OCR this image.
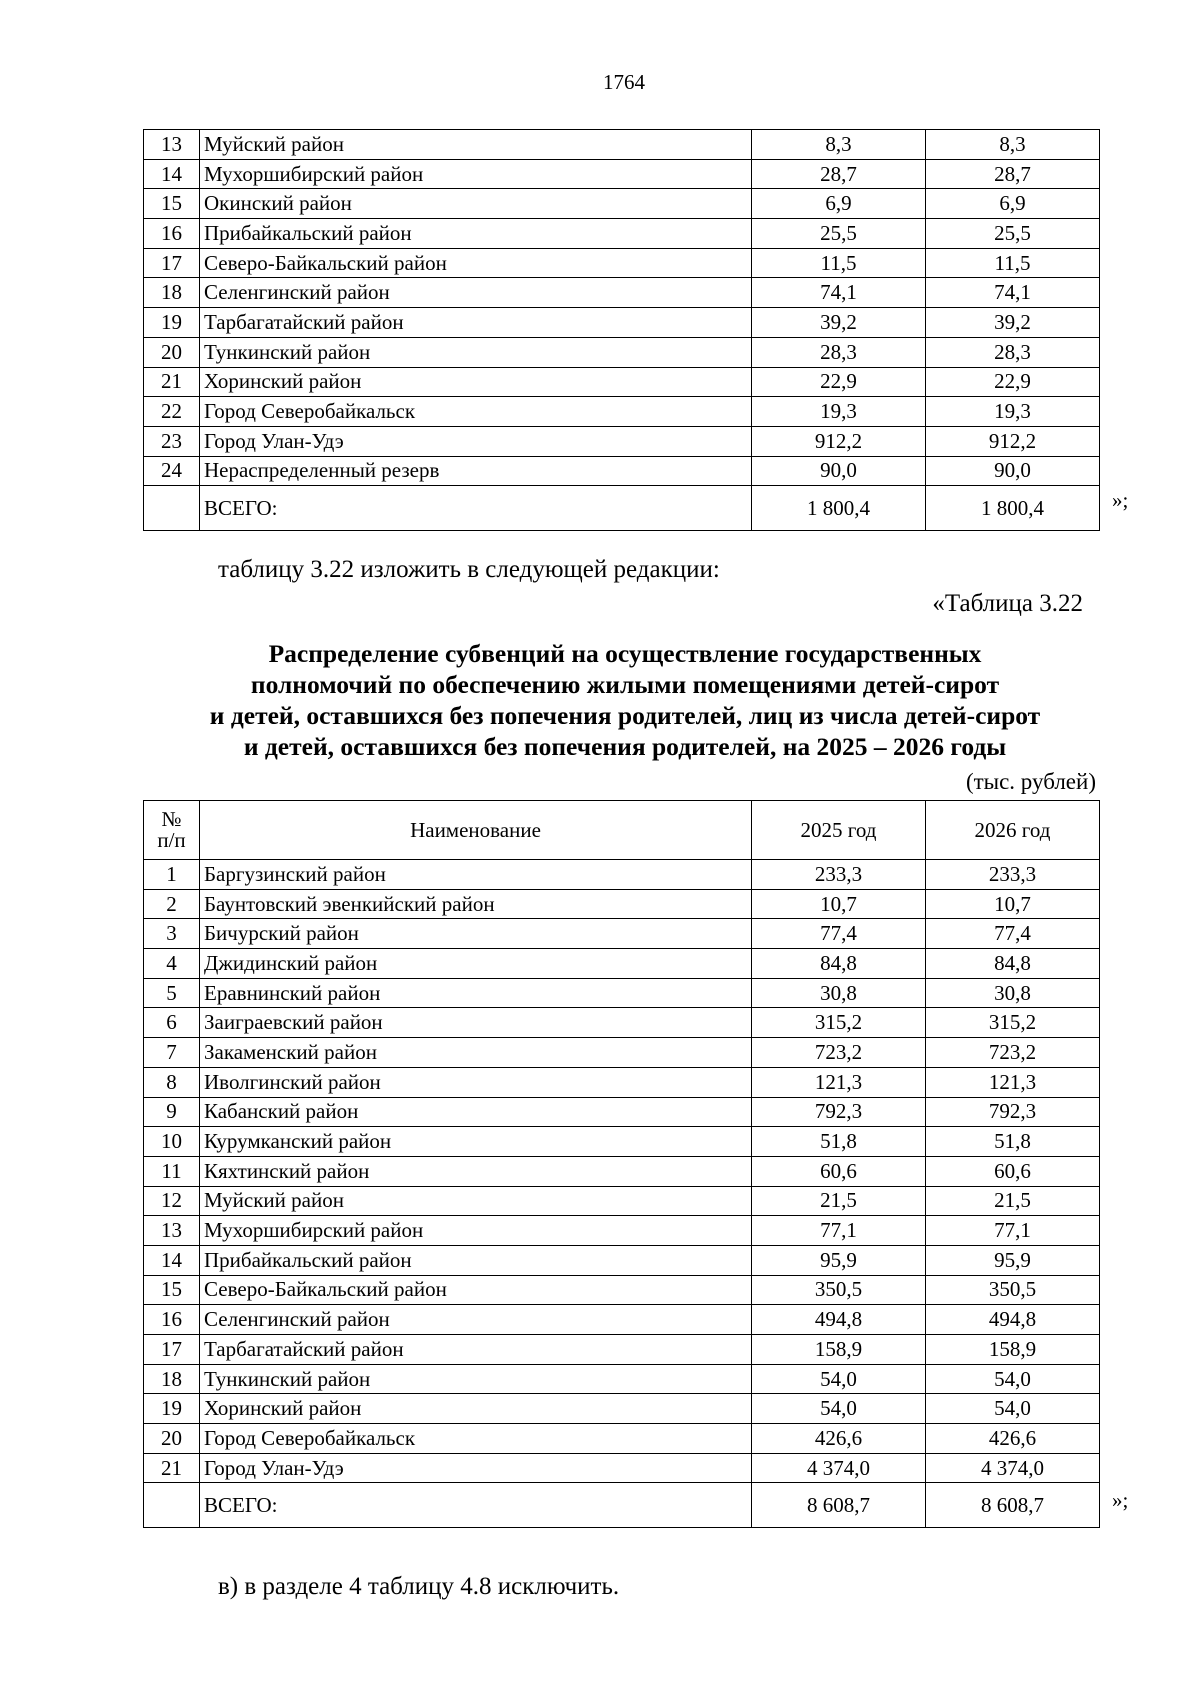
1764
13	Муйский район	8,3	8,3
14	Мухоршибирский район	28,7	28,7
15	Окинский район	6,9	6,9
16	Прибайкальский район	25,5	25,5
17	Северо-Байкальский район	11,5	11,5
18	Селенгинский район	74,1	74,1
19	Тарбагатайский район	39,2	39,2
20	Тункинский район	28,3	28,3
21	Хоринский район	22,9	22,9
22	Город Северобайкальск	19,3	19,3
23	Город Улан-Удэ	912,2	912,2
24	Нераспределенный резерв	90,0	90,0
	ВСЕГО:	1 800,4	1 800,4	»;

таблицу 3.22 изложить в следующей редакции:

«Таблица 3.22

Распределение субвенций на осуществление государственных
полномочий по обеспечению жилыми помещениями детей-сирот
и детей, оставшихся без попечения родителей, лиц из числа детей-сирот
и детей, оставшихся без попечения родителей, на 2025 – 2026 годы
(тыс. рублей)
№
п/п	Наименование	2025 год	2026 год
1	Баргузинский район	233,3	233,3
2	Баунтовский эвенкийский район	10,7	10,7
3	Бичурский район	77,4	77,4
4	Джидинский район	84,8	84,8
5	Еравнинский район	30,8	30,8
6	Заиграевский район	315,2	315,2
7	Закаменский район	723,2	723,2
8	Иволгинский район	121,3	121,3
9	Кабанский район	792,3	792,3
10	Курумканский район	51,8	51,8
11	Кяхтинский район	60,6	60,6
12	Муйский район	21,5	21,5
13	Мухоршибирский район	77,1	77,1
14	Прибайкальский район	95,9	95,9
15	Северо-Байкальский район	350,5	350,5
16	Селенгинский район	494,8	494,8
17	Тарбагатайский район	158,9	158,9
18	Тункинский район	54,0	54,0
19	Хоринский район	54,0	54,0
20	Город Северобайкальск	426,6	426,6
21	Город Улан-Удэ	4 374,0	4 374,0
	ВСЕГО:	8 608,7	8 608,7	»;

в) в разделе 4 таблицу 4.8 исключить.
